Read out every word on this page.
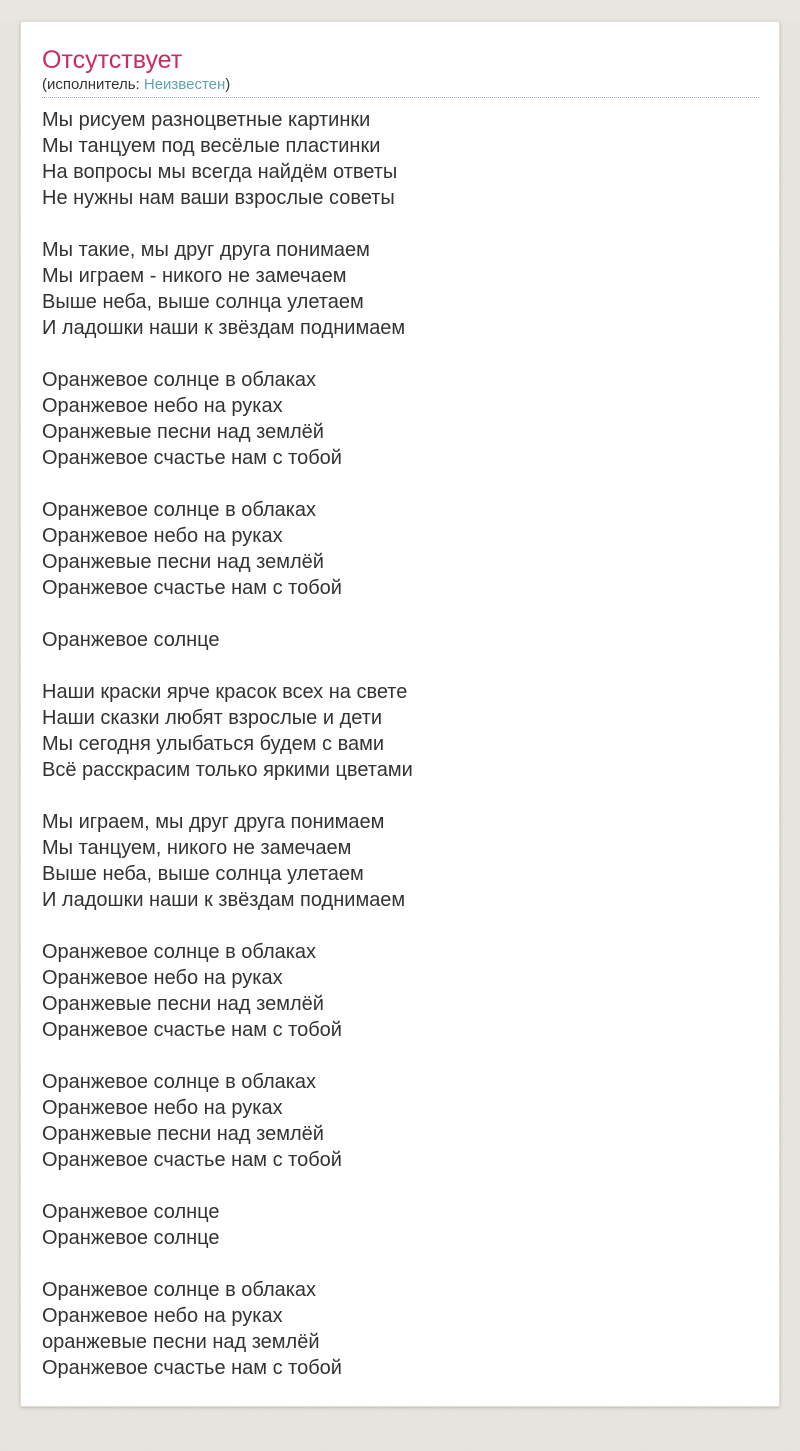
Отсутствует
(исполнитель: Неизвестен)
Мы рисуем разноцветные картинки
Мы танцуем под весёлые пластинки
На вопросы мы всегда найдём ответы
Не нужны нам ваши взрослые советы
Мы такие, мы друг друга понимаем
Мы играем - никого не замечаем
Выше неба, выше солнца улетаем
И ладошки наши к звёздам поднимаем
Оранжевое солнце в облаках
Оранжевое небо на руках
Оранжевые песни над землёй
Оранжевое счастье нам с тобой
Оранжевое солнце в облаках
Оранжевое небо на руках
Оранжевые песни над землёй
Оранжевое счастье нам с тобой
Оранжевое солнце
Наши краски ярче красок всех на свете
Наши сказки любят взрослые и дети
Мы сегодня улыбаться будем с вами
Всё расскрасим только яркими цветами
Мы играем, мы друг друга понимаем
Мы танцуем, никого не замечаем
Выше неба, выше солнца улетаем
И ладошки наши к звёздам поднимаем
Оранжевое солнце в облаках
Оранжевое небо на руках
Оранжевые песни над землёй
Оранжевое счастье нам с тобой
Оранжевое солнце в облаках
Оранжевое небо на руках
Оранжевые песни над землёй
Оранжевое счастье нам с тобой
Оранжевое солнце
Оранжевое солнце
Оранжевое солнце в облаках
Оранжевое небо на руках
оранжевые песни над землёй
Оранжевое счастье нам с тобой
